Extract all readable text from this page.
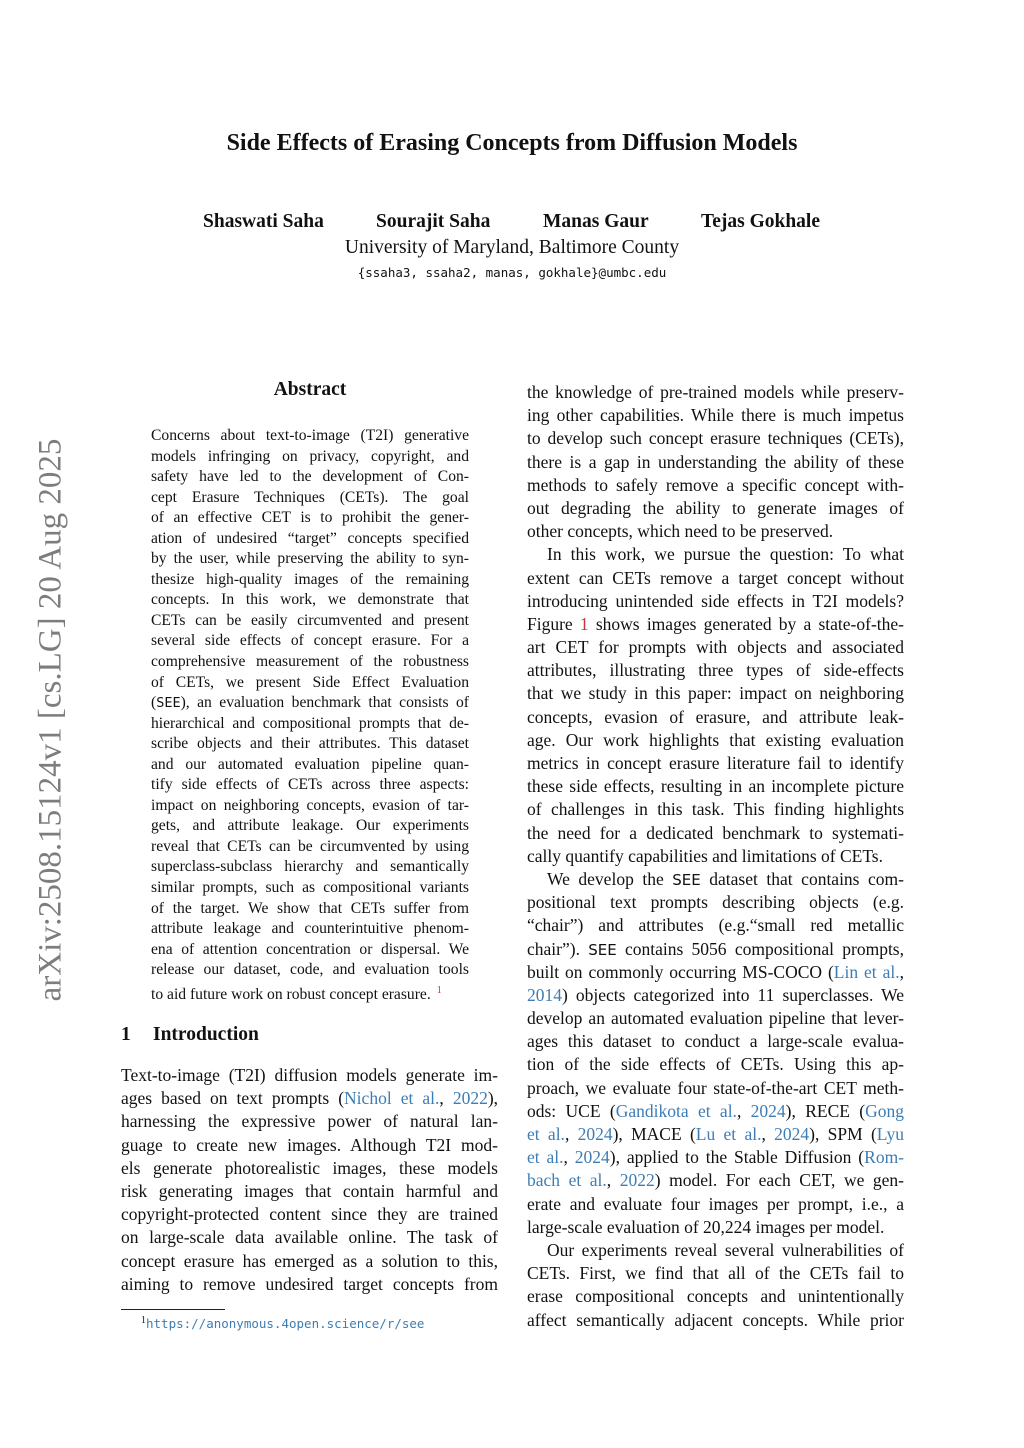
Side Effects of Erasing Concepts from Diffusion Models
Shaswati Saha	Sourajit Saha	Manas Gaur	Tejas Gokhale
University of Maryland, Baltimore County
{ssaha3, ssaha2, manas, gokhale}@umbc.edu
arXiv:2508.15124v1 [cs.LG] 20 Aug 2025
Abstract
Concerns about text-to-image (T2I) generative
models infringing on privacy, copyright, and
safety have led to the development of Con-
cept Erasure Techniques (CETs). The goal
of an effective CET is to prohibit the gener-
ation of undesired “target” concepts specified
by the user, while preserving the ability to syn-
thesize high-quality images of the remaining
concepts. In this work, we demonstrate that
CETs can be easily circumvented and present
several side effects of concept erasure. For a
comprehensive measurement of the robustness
of CETs, we present Side Effect Evaluation
(SEE), an evaluation benchmark that consists of
hierarchical and compositional prompts that de-
scribe objects and their attributes. This dataset
and our automated evaluation pipeline quan-
tify side effects of CETs across three aspects:
impact on neighboring concepts, evasion of tar-
gets, and attribute leakage. Our experiments
reveal that CETs can be circumvented by using
superclass-subclass hierarchy and semantically
similar prompts, such as compositional variants
of the target. We show that CETs suffer from
attribute leakage and counterintuitive phenom-
ena of attention concentration or dispersal. We
release our dataset, code, and evaluation tools
to aid future work on robust concept erasure. $^1$
1 Introduction
Text-to-image (T2I) diffusion models generate im-
ages based on text prompts (Nichol et al., 2022),
harnessing the expressive power of natural lan-
guage to create new images. Although T2I mod-
els generate photorealistic images, these models
risk generating images that contain harmful and
copyright-protected content since they are trained
on large-scale data available online. The task of
concept erasure has emerged as a solution to this,
aiming to remove undesired target concepts from
the knowledge of pre-trained models while preserv-
ing other capabilities. While there is much impetus
to develop such concept erasure techniques (CETs),
there is a gap in understanding the ability of these
methods to safely remove a specific concept with-
out degrading the ability to generate images of
other concepts, which need to be preserved.
In this work, we pursue the question: To what
extent can CETs remove a target concept without
introducing unintended side effects in T2I models?
Figure 1 shows images generated by a state-of-the-
art CET for prompts with objects and associated
attributes, illustrating three types of side-effects
that we study in this paper: impact on neighboring
concepts, evasion of erasure, and attribute leak-
age. Our work highlights that existing evaluation
metrics in concept erasure literature fail to identify
these side effects, resulting in an incomplete picture
of challenges in this task. This finding highlights
the need for a dedicated benchmark to systemati-
cally quantify capabilities and limitations of CETs.
We develop the SEE dataset that contains com-
positional text prompts describing objects (e.g.
“chair”) and attributes (e.g.“small red metallic
chair”). SEE contains 5056 compositional prompts,
built on commonly occurring MS-COCO (Lin et al.,
2014) objects categorized into 11 superclasses. We
develop an automated evaluation pipeline that lever-
ages this dataset to conduct a large-scale evalua-
tion of the side effects of CETs. Using this ap-
proach, we evaluate four state-of-the-art CET meth-
ods: UCE (Gandikota et al., 2024), RECE (Gong
et al., 2024), MACE (Lu et al., 2024), SPM (Lyu
et al., 2024), applied to the Stable Diffusion (Rom-
bach et al., 2022) model. For each CET, we gen-
erate and evaluate four images per prompt, i.e., a
large-scale evaluation of 20,224 images per model.
Our experiments reveal several vulnerabilities of
CETs. First, we find that all of the CETs fail to
erase compositional concepts and unintentionally
affect semantically adjacent concepts. While prior
$^1$https://anonymous.4open.science/r/see
